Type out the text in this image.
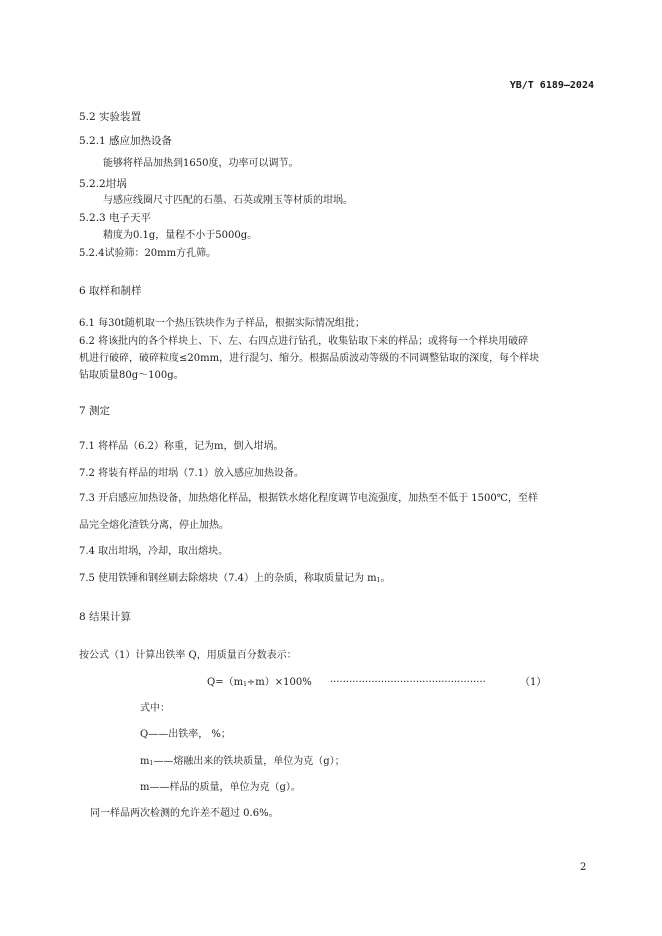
YB/T 6189—2024
5.2 实验装置
5.2.1 感应加热设备
能够将样品加热到1650度，功率可以调节。
5.2.2坩埚
与感应线圈尺寸匹配的石墨、石英或刚玉等材质的坩埚。
5.2.3 电子天平
精度为0.1g，量程不小于5000g。
5.2.4试验筛：20mm方孔筛。
6 取样和制样
6.1 每30t随机取一个热压铁块作为子样品，根据实际情况组批；
6.2 将该批内的各个样块上、下、左、右四点进行钻孔，收集钻取下来的样品；或将每一个样块用破碎
机进行破碎，破碎粒度≤20mm，进行混匀、缩分。根据品质波动等级的不同调整钻取的深度，每个样块
钻取质量80g～100g。
7 测定
7.1 将样品（6.2）称重，记为m，倒入坩埚。
7.2 将装有样品的坩埚（7.1）放入感应加热设备。
7.3 开启感应加热设备，加热熔化样品，根据铁水熔化程度调节电流强度，加热至不低于 1500℃，至样
品完全熔化渣铁分离，停止加热。
7.4 取出坩埚，冷却，取出熔块。
7.5 使用铁锤和钢丝刷去除熔块（7.4）上的杂质，称取质量记为 $m_1$。
8 结果计算
按公式（1）计算出铁率 Q，用质量百分数表示：
$Q=(m_1\div m)\times 100\%$ ·················································	（1）
式中：
Q——出铁率， %；
$m_1——$熔融出来的铁块质量，单位为克（g）；
m——样品的质量，单位为克（g）。
同一样品两次检测的允许差不超过 0.6%。
2
